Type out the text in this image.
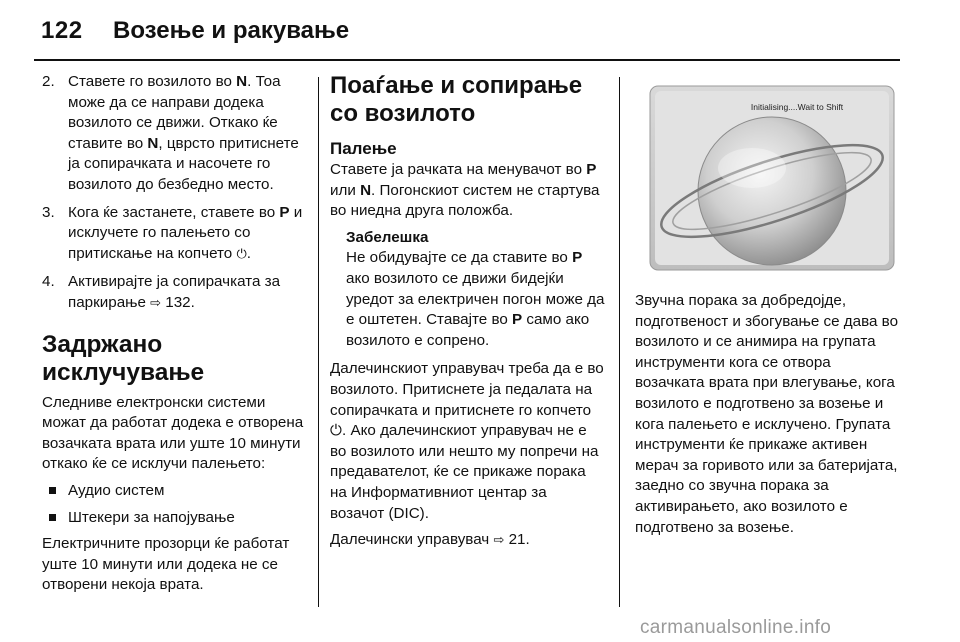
122 Возење и ракување
2. Ставете го возилото во N. Тоа може да се направи додека возилото се движи. Откако ќе ставите во N, цврсто притиснете ја сопирачката и насочете го возилото до безбедно место.
3. Кога ќе застанете, ставете во P и исклучете го палењето со притискање на копчето ⏻.
4. Активирајте ја сопирачката за паркирање ⇨ 132.
Задржано исклучување

Следниве електронски системи можат да работат додека е отворена возачката врата или уште 10 минути откако ќе се исклучи палењето:

Аудио систем
Штекери за напојување

Електричните прозорци ќе работат уште 10 минути или додека не се отворени некоја врата.

Поаѓање и сопирање со возилото
Палење

Ставете ја рачката на менувачот во P или N. Погонскиот систем не стартува во ниедна друга положба.

Забелешка
Не обидувајте се да ставите во P ако возилото се движи бидејќи уредот за електричен погон може да е оштетен. Ставајте во P само ако возилото е сопрено.

Далечинскиот управувач треба да е во возилото. Притиснете ја педалата на сопирачката и притиснете го копчето ⏻. Ако далечинскиот управувач не е во возилото или нешто му попречи на предавателот, ќе се прикаже порака на Информативниот центар за возачот (DIC).

Далечински управувач ⇨ 21.

Initialising....Wait to Shift

Звучна порака за добредојде, подготвеност и збогување се дава во возилото и се анимира на групата инструменти кога се отвора возачката врата при влегување, кога возилото е подготвено за возење и кога палењето е исклучено. Групата инструменти ќе прикаже активен мерач за горивото или за батеријата, заедно со звучна порака за активирањето, ако возилото е подготвено за возење.

carmanualsonline.info
